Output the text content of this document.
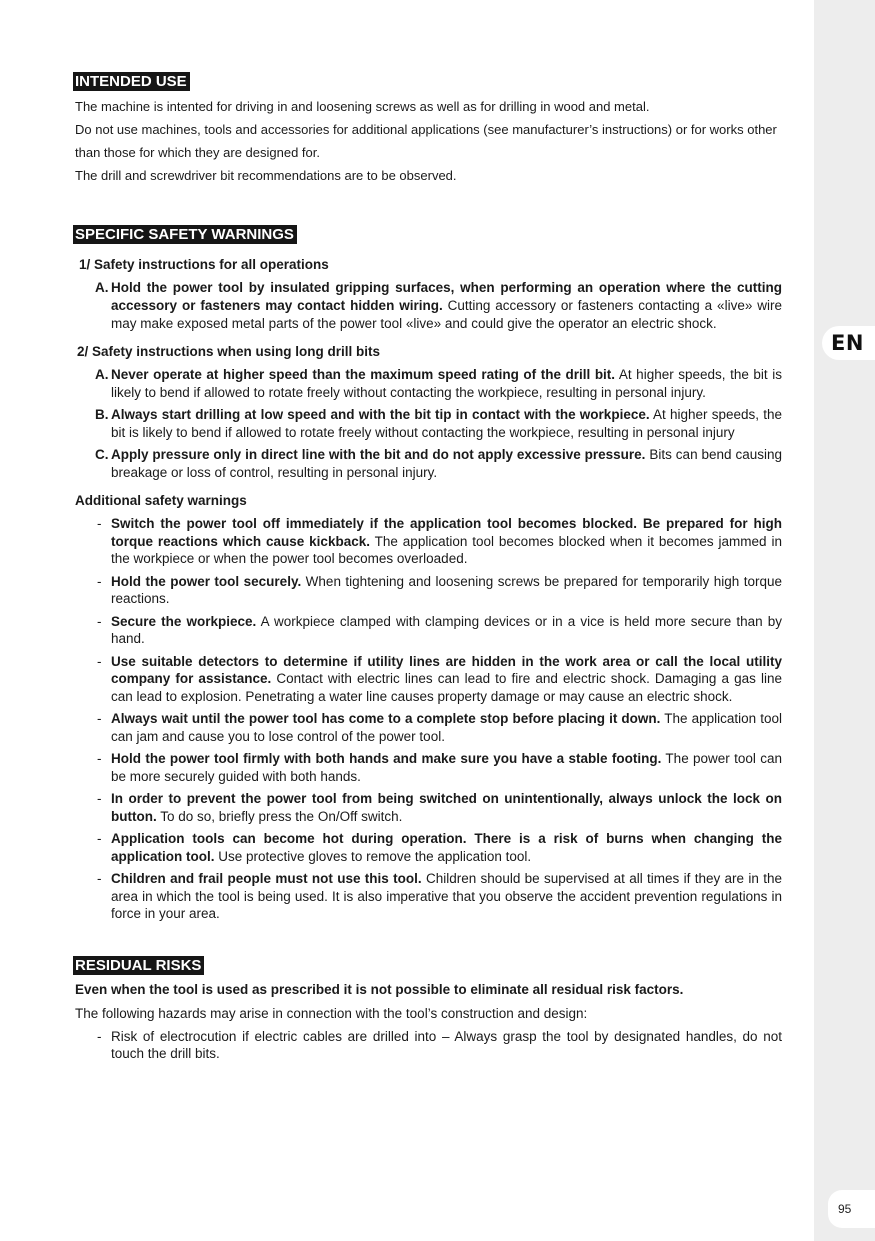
EN
95
INTENDED USE

The machine is intented for driving in and loosening screws as well as for drilling in wood and metal.

Do not use machines, tools and accessories for additional applications (see manufacturer’s instructions) or for works other than those for which they are designed for.

The drill and screwdriver bit recommendations are to be observed.

SPECIFIC SAFETY WARNINGS
1/ Safety instructions for all operations
A. Hold the power tool by insulated gripping surfaces, when performing an operation where the cutting accessory or fasteners may contact hidden wiring. Cutting accessory or fasteners contacting a «live» wire may make exposed metal parts of the power tool «live» and could give the operator an electric shock.
2/ Safety instructions when using long drill bits
A. Never operate at higher speed than the maximum speed rating of the drill bit. At higher speeds, the bit is likely to bend if allowed to rotate freely without contacting the workpiece, resulting in personal injury.
B. Always start drilling at low speed and with the bit tip in contact with the workpiece. At higher speeds, the bit is likely to bend if allowed to rotate freely without contacting the workpiece, resulting in personal injury
C. Apply pressure only in direct line with the bit and do not apply excessive pressure. Bits can bend causing breakage or loss of control, resulting in personal injury.
Additional safety warnings
- Switch the power tool off immediately if the application tool becomes blocked. Be prepared for high torque reactions which cause kickback. The application tool becomes blocked when it becomes jammed in the workpiece or when the power tool becomes overloaded.
- Hold the power tool securely. When tightening and loosening screws be prepared for temporarily high torque reactions.
- Secure the workpiece. A workpiece clamped with clamping devices or in a vice is held more secure than by hand.
- Use suitable detectors to determine if utility lines are hidden in the work area or call the local utility company for assistance. Contact with electric lines can lead to fire and electric shock. Damaging a gas line can lead to explosion. Penetrating a water line causes property damage or may cause an electric shock.
- Always wait until the power tool has come to a complete stop before placing it down. The application tool can jam and cause you to lose control of the power tool.
- Hold the power tool firmly with both hands and make sure you have a stable footing. The power tool can be more securely guided with both hands.
- In order to prevent the power tool from being switched on unintentionally, always unlock the lock on button. To do so, briefly press the On/Off switch.
- Application tools can become hot during operation. There is a risk of burns when changing the application tool. Use protective gloves to remove the application tool.
- Children and frail people must not use this tool. Children should be supervised at all times if they are in the area in which the tool is being used. It is also imperative that you observe the accident prevention regulations in force in your area.
RESIDUAL RISKS
Even when the tool is used as prescribed it is not possible to eliminate all residual risk factors.
The following hazards may arise in connection with the tool’s construction and design:
- Risk of electrocution if electric cables are drilled into – Always grasp the tool by designated handles, do not touch the drill bits.
